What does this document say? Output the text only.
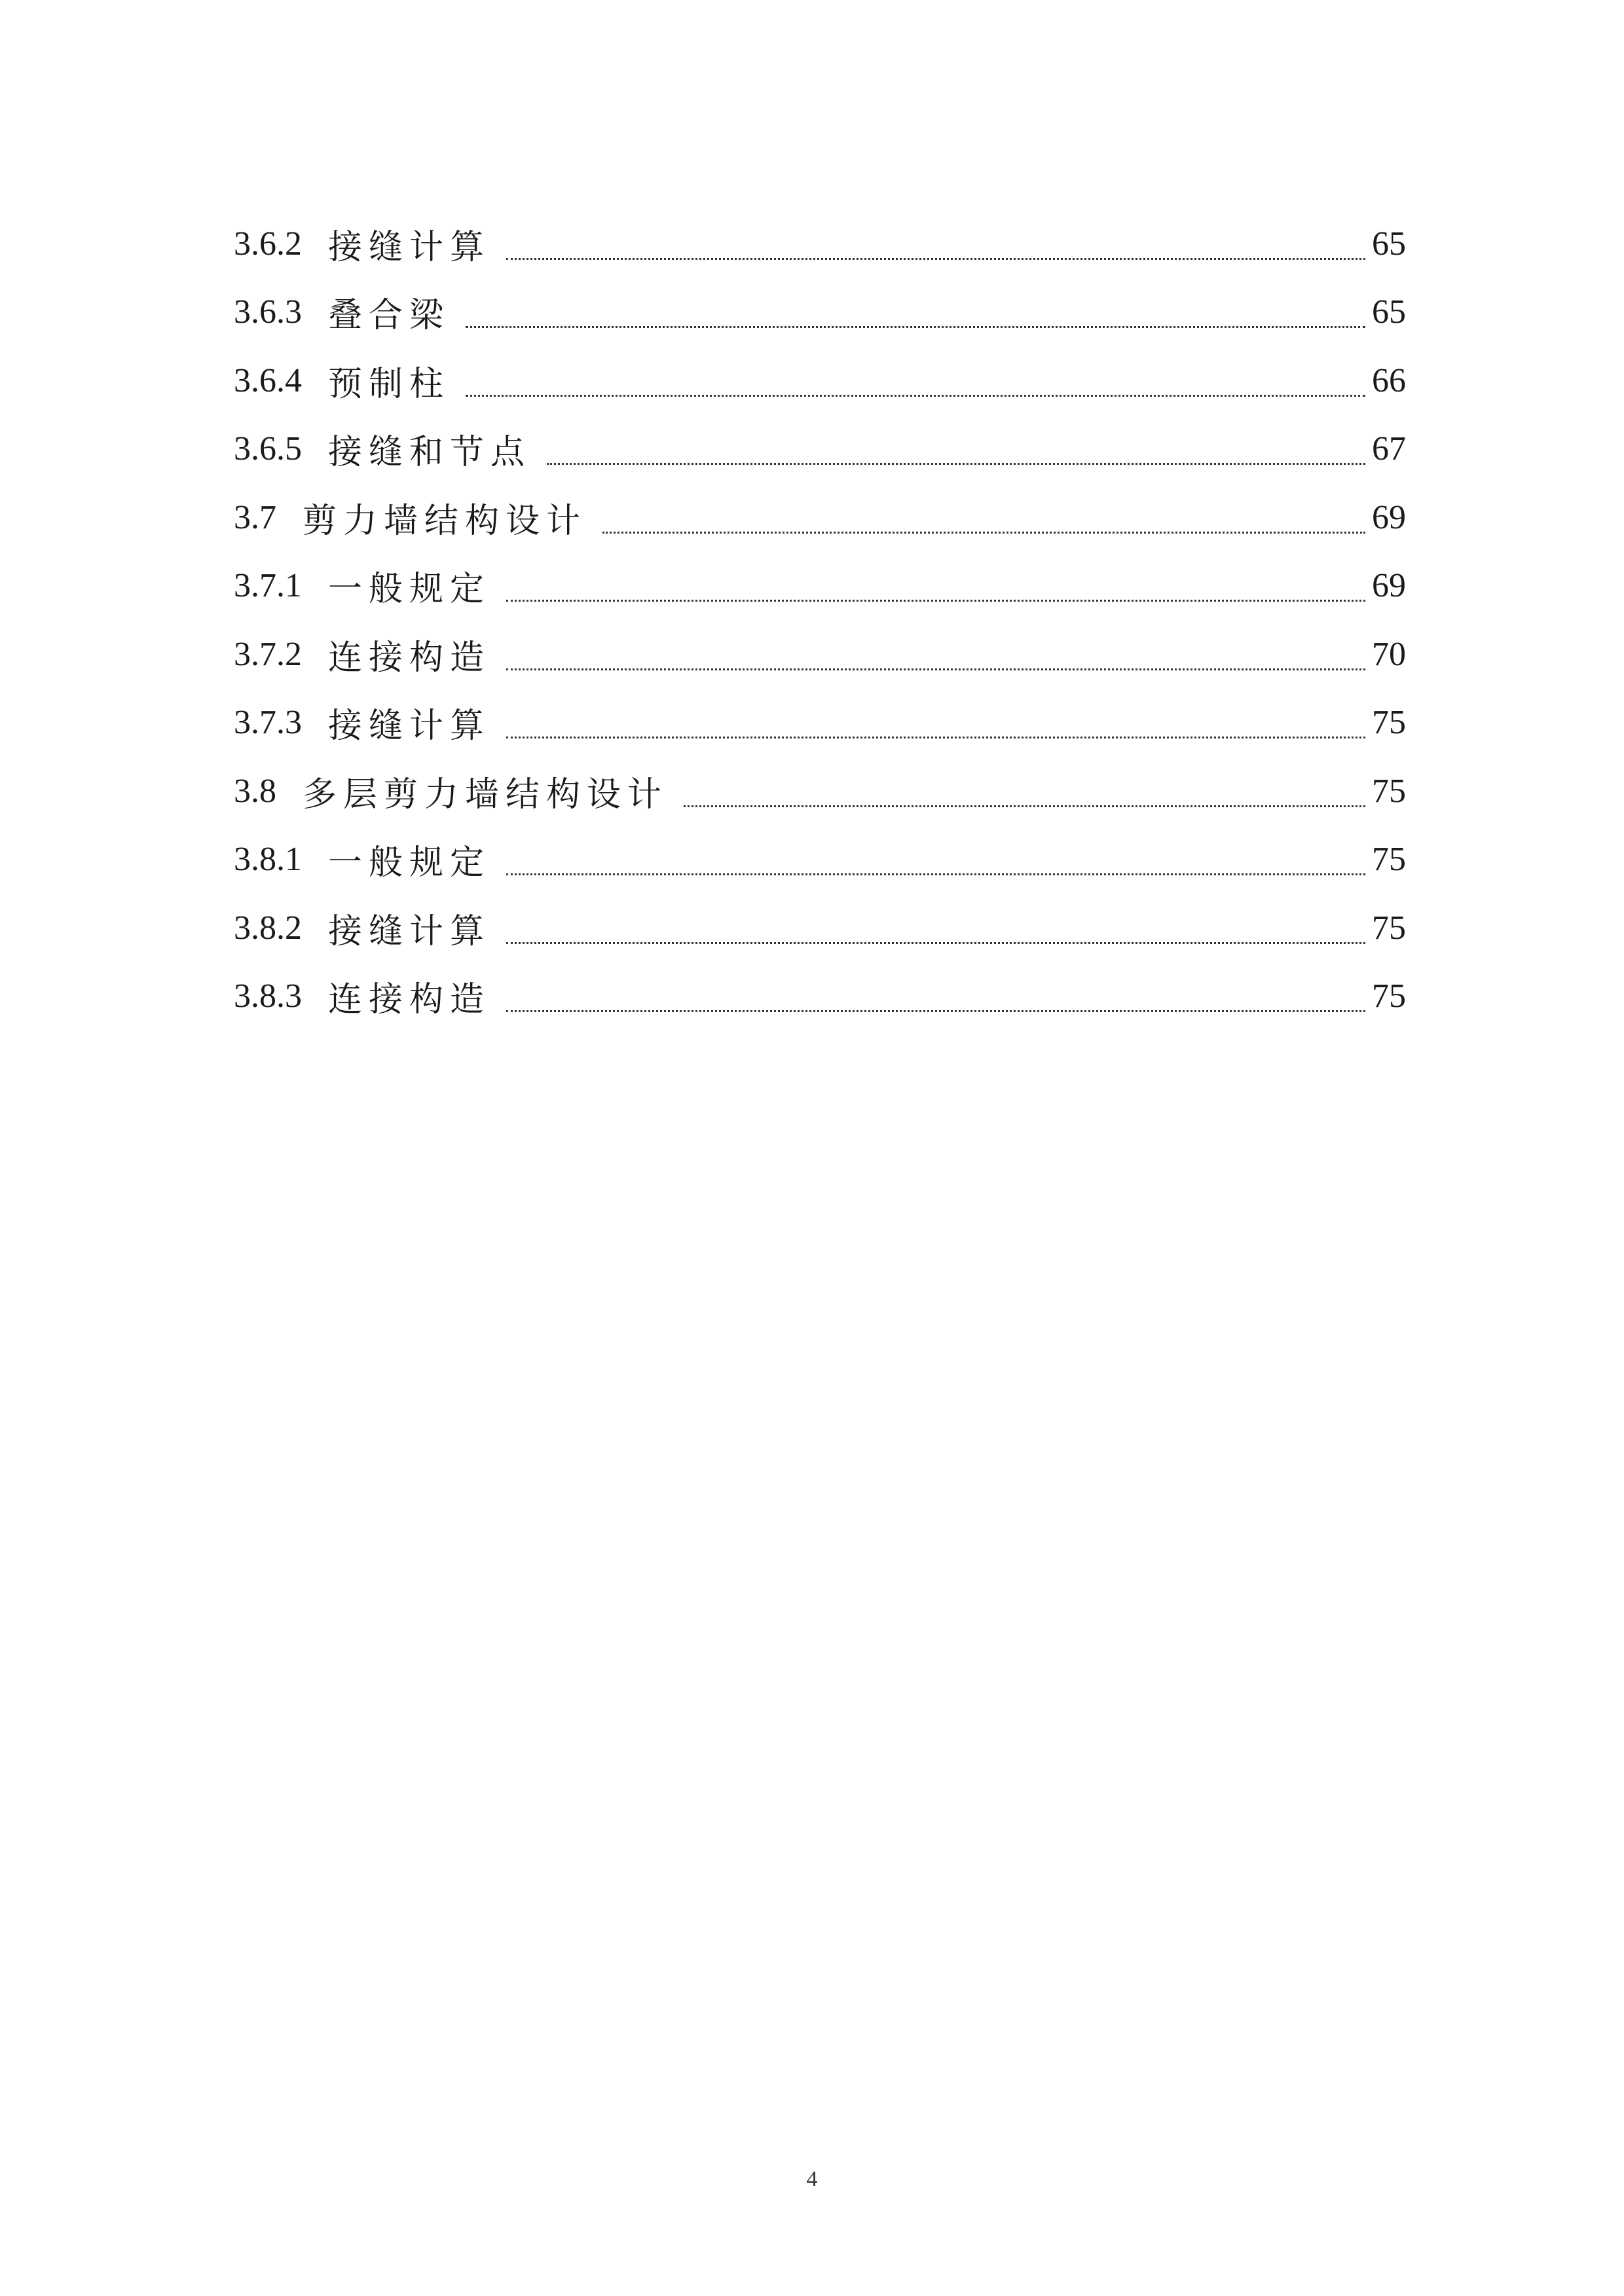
3.6.2 接缝计算	65
3.6.3 叠合梁	65
3.6.4 预制柱	66
3.6.5 接缝和节点	67
3.7 剪力墙结构设计	69
3.7.1 一般规定	69
3.7.2 连接构造	70
3.7.3 接缝计算	75
3.8 多层剪力墙结构设计	75
3.8.1 一般规定	75
3.8.2 接缝计算	75
3.8.3 连接构造	75
4
